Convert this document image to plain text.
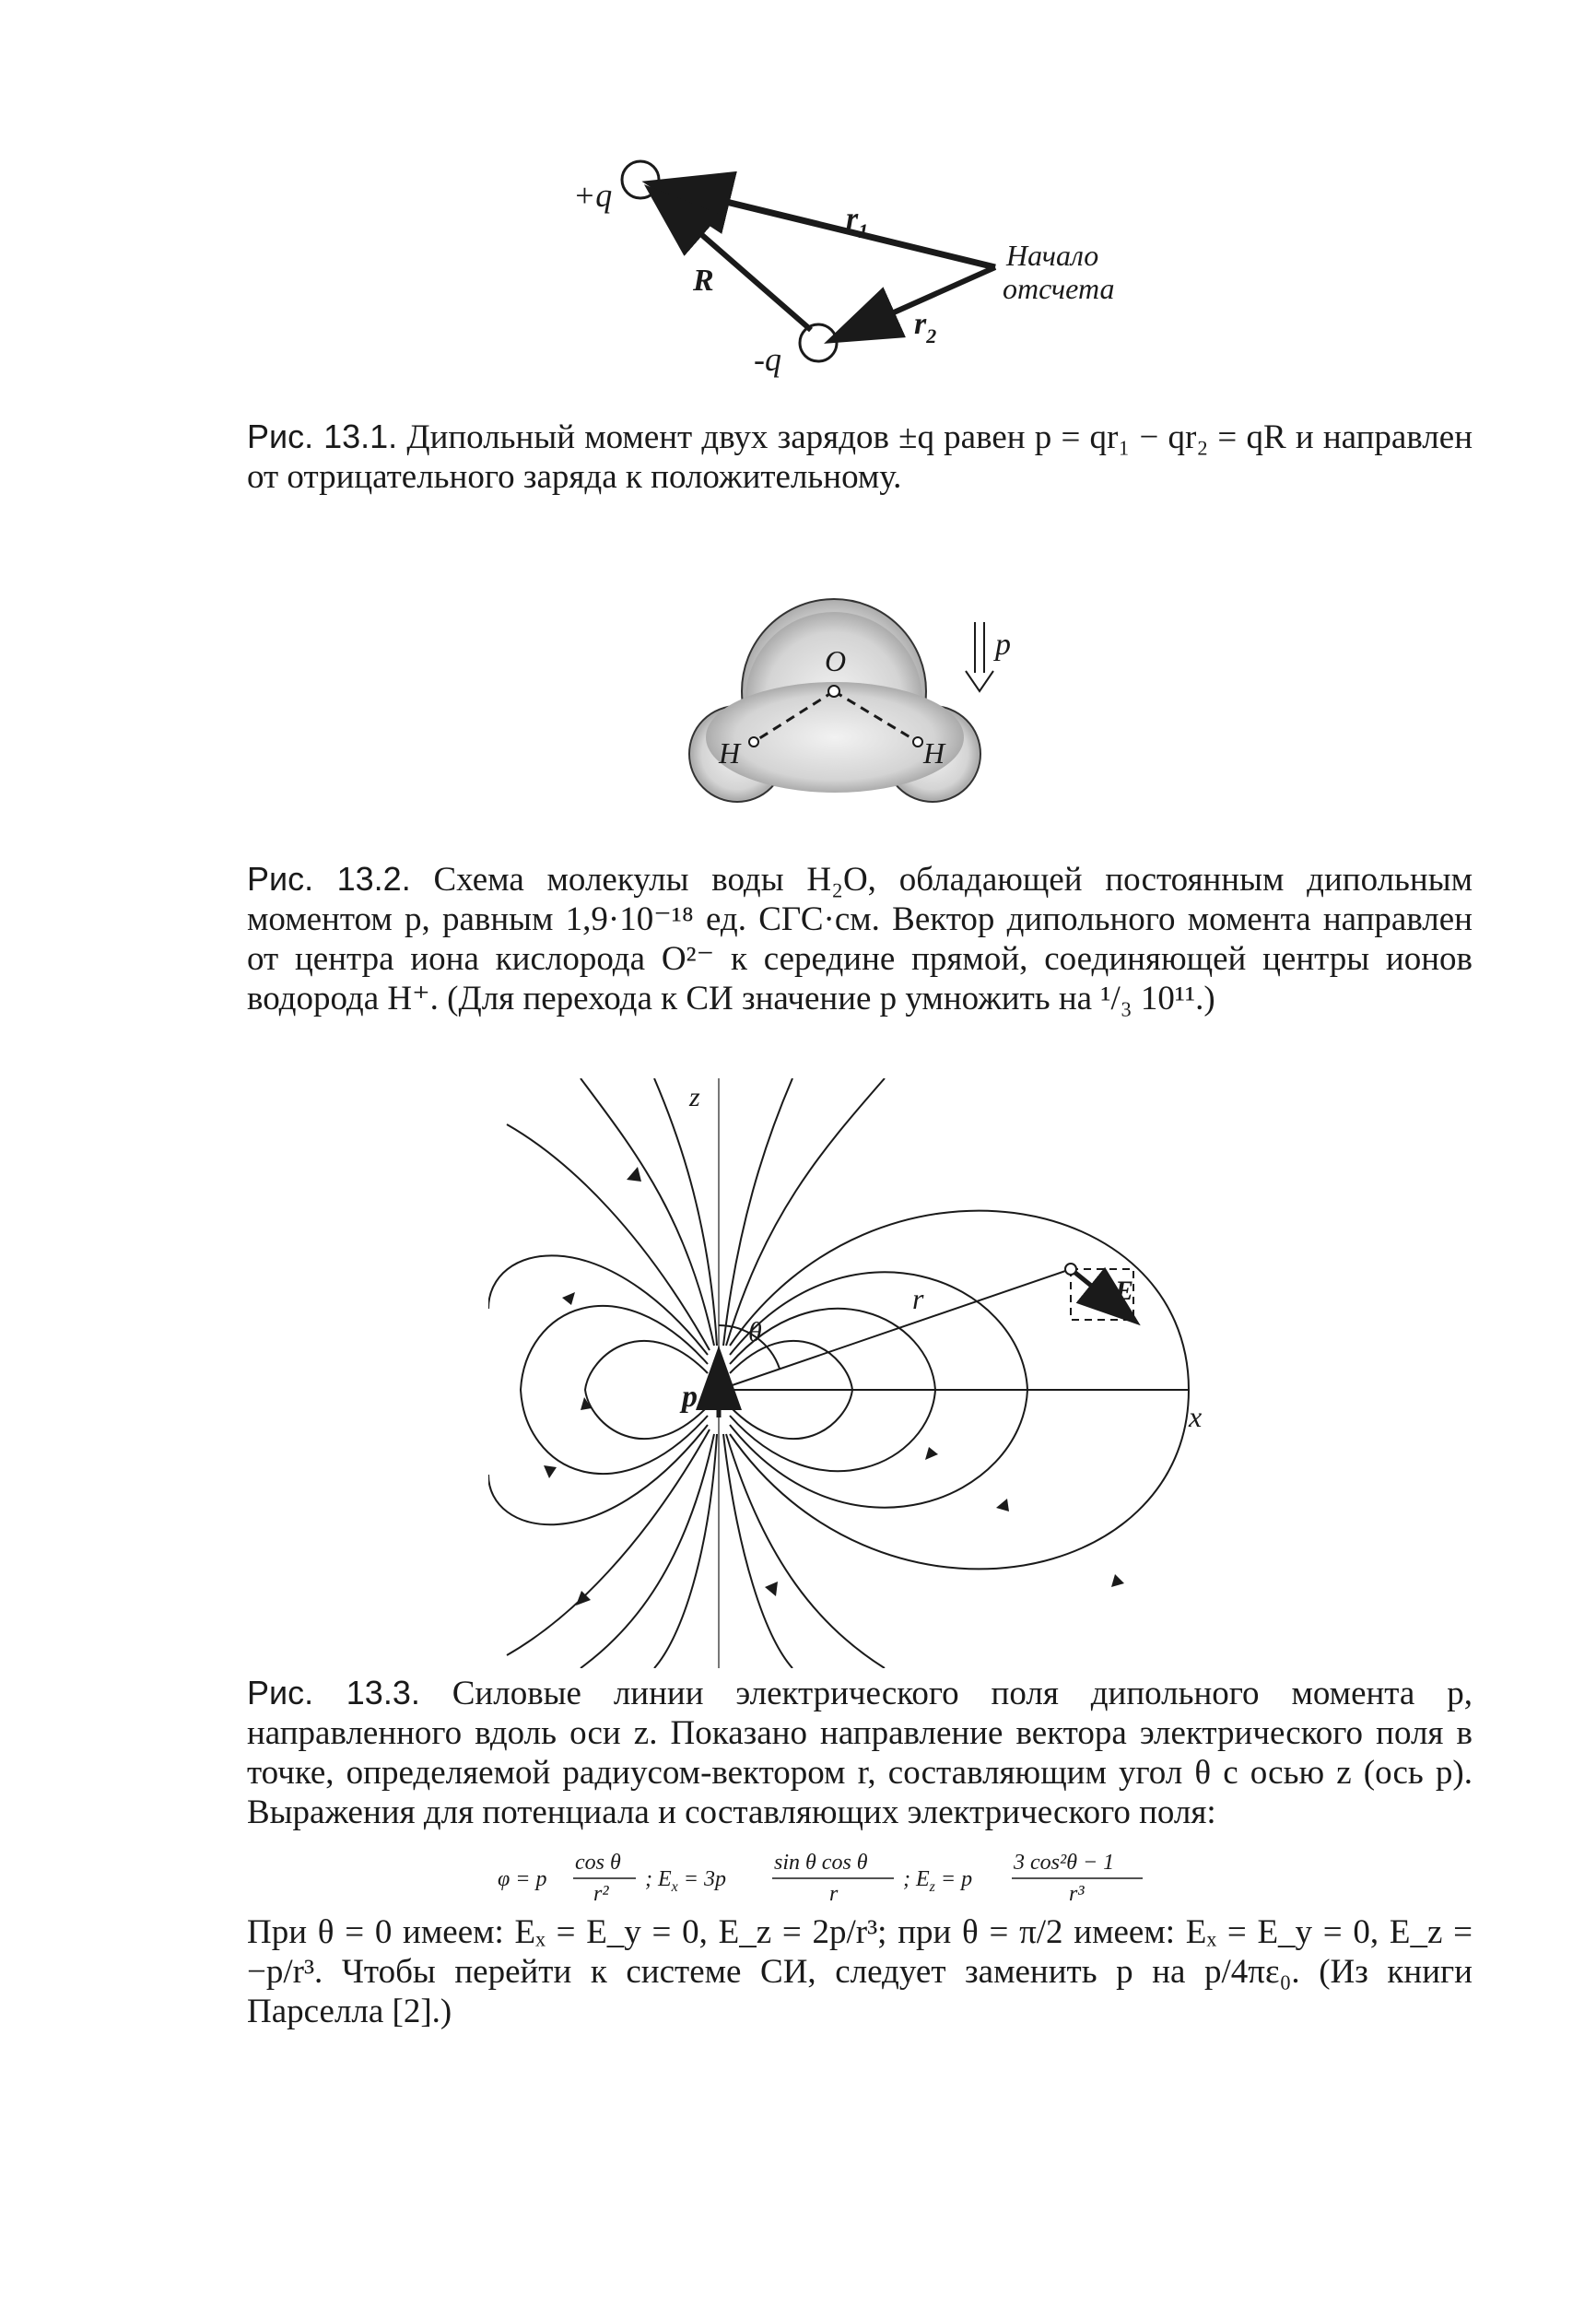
+q
-q
R
$r_1$
$r_2$
Начало
отсчета
Рис. 13.1. Дипольный момент двух зарядов ±q равен p = qr₁ − qr₂ = qR и направлен от отрицательного заряда к положительному.
O
H	H
p
Рис. 13.2. Схема молекулы воды H₂O, обладающей постоянным дипольным моментом p, равным 1,9·10⁻¹⁸ ед. СГС·см. Вектор дипольного момента направлен от центра иона кислорода O²⁻ к середине прямой, соединяющей центры ионов водорода H⁺. (Для перехода к СИ значение p умножить на ¹/₃ 10¹¹.)
z
x
p
r
θ
E
Рис. 13.3. Силовые линии электрического поля дипольного момента p, направленного вдоль оси z. Показано направление вектора электрического поля в точке, определяемой радиусом-вектором r, составляющим угол θ с осью z (ось p). Выражения для потенциала и составляющих электрического поля:
φ = p
cos θ
r²
; $E_x = 3p$
sin θ cos θ
r
; $E_z = p$
3 cos²θ − 1
r³
При θ = 0 имеем: Eₓ = E_y = 0, E_z = 2p/r³; при θ = π/2 имеем: Eₓ = E_y = 0, E_z = −p/r³. Чтобы перейти к системе СИ, следует заменить p на p/4πε₀. (Из книги Парселла [2].)
